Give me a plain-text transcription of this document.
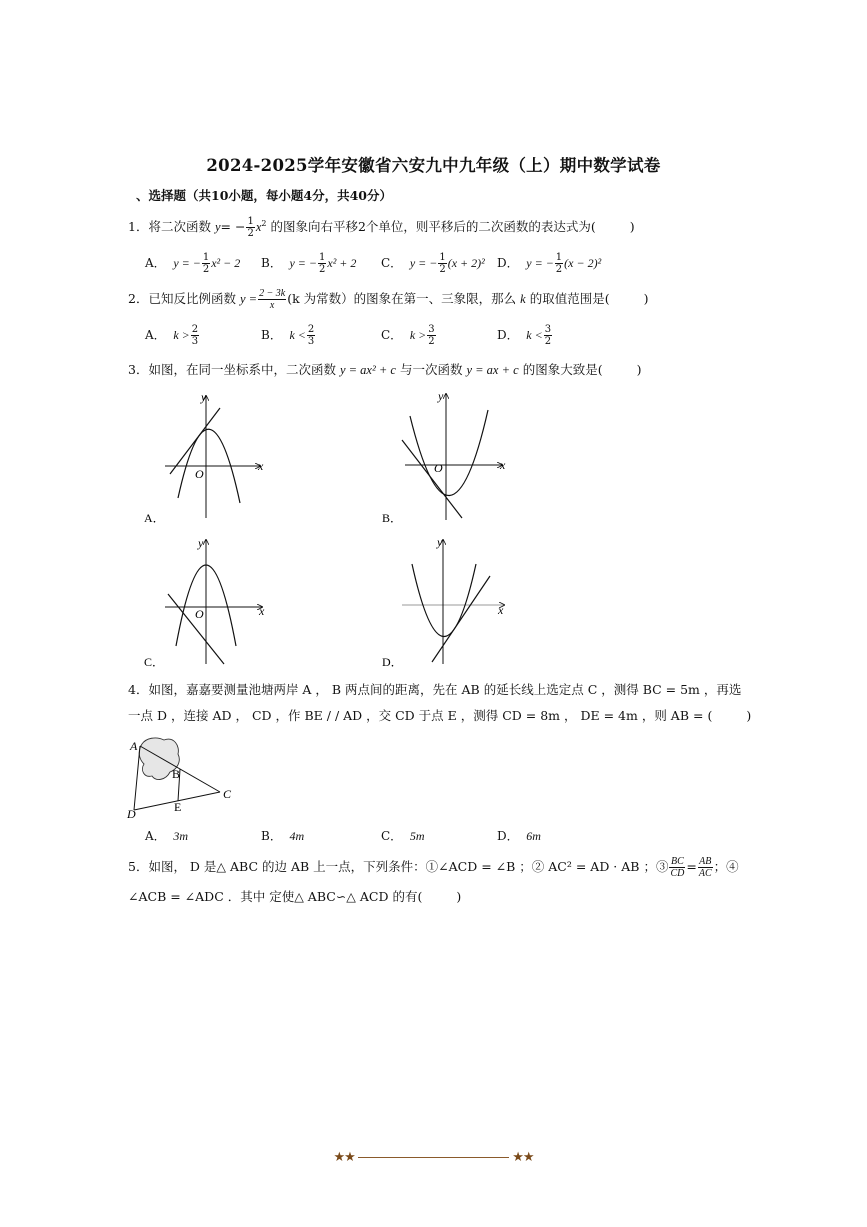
2024-2025学年安徽省六安九中九年级（上）期中数学试卷
、选择题（共10小题，每小题4分，共40分）
1．将二次函数 $y= - \frac{1}{2} x^2$ 的图象向右平移2个单位，则平移后的二次函数的表达式为(	)
A． y = − $\frac{1}{2} x^2 - 2$ B． y = − $\frac{1}{2} x^2 + 2$ C． y = − $\frac{1}{2} (x + 2)^2$ D． y = − $\frac{1}{2} (x - 2)^2$
2．已知反比例函数 $y = \frac{2 - 3k}{x} (k$ 为常数）的图象在第一、三象限，那么 k 的取值范围是(	)
A． $k > \frac{2}{3}$	B． $k < \frac{2}{3}$	C． $k > \frac{3}{2}$	D． $k < \frac{3}{2}$
3．如图，在同一坐标系中，二次函数 y = ax² + c 与一次函数 y = ax + c 的图象大致是(	)
y
x
O
A．
y
x
O
B．
y
x
O
C．
y
x
D．
4．如图，嘉嘉要测量池塘两岸 A ， B 两点间的距离，先在 AB 的延长线上选定点 C ，测得 BC = 5m ，再选
一点 D ，连接 AD ， CD ，作 BE / / AD ，交 CD 于点 E ，测得 CD = 8m ， DE = 4m ，则 AB = (	)
A
B
C
D	E
A． 3m	B． 4m	C． 5m	D． 6m
5．如图， D 是△ ABC 的边 AB 上一点，下列条件：①∠ACD = ∠B ；② AC² = AD · AB ；③ $\frac{BC}{CD} = \frac{AB}{AC}$ ；④
∠ACB = ∠ADC ．其中 定使△ ABC∽△ ACD 的有(	)
★★	★★
